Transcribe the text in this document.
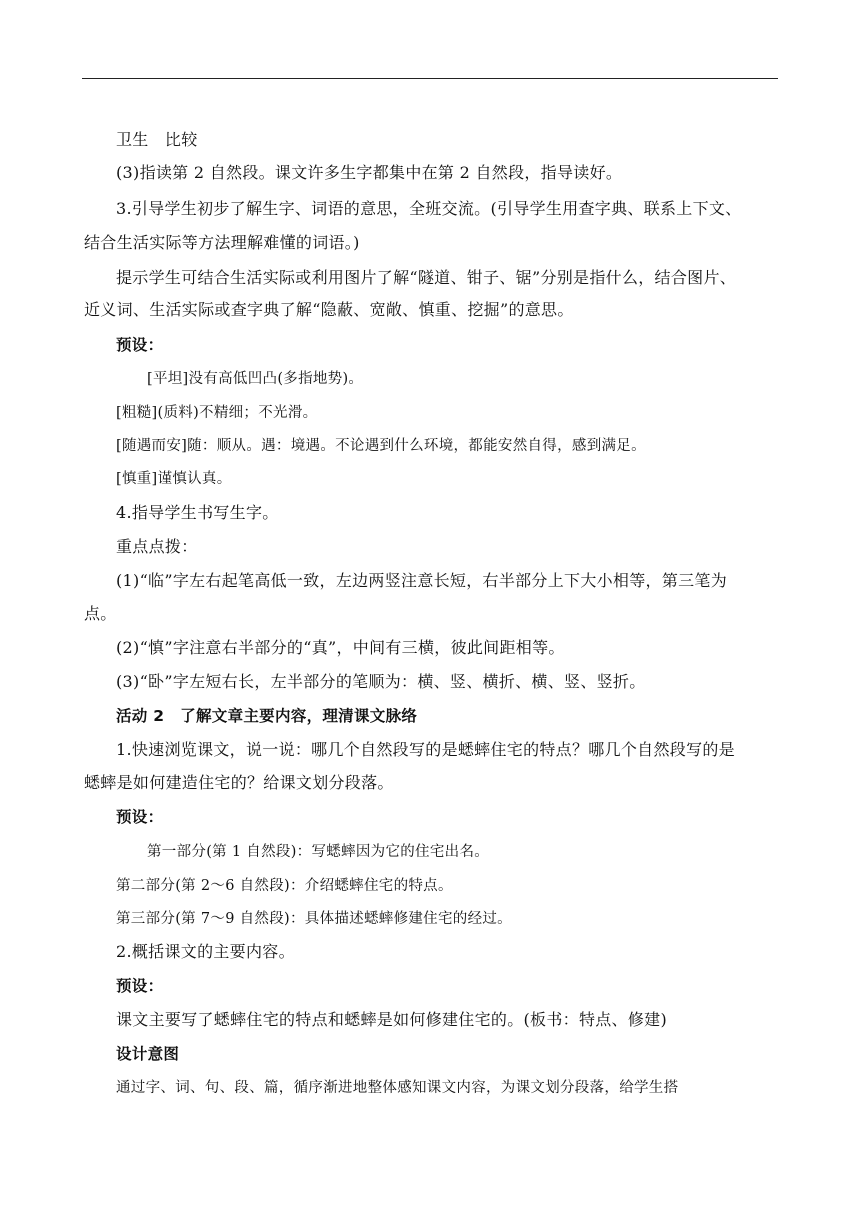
卫生　比较
(3)指读第 2 自然段。课文许多生字都集中在第 2 自然段，指导读好。
3.引导学生初步了解生字、词语的意思，全班交流。(引导学生用查字典、联系上下文、
结合生活实际等方法理解难懂的词语。)
提示学生可结合生活实际或利用图片了解“隧道、钳子、锯”分别是指什么，结合图片、
近义词、生活实际或查字典了解“隐蔽、宽敞、慎重、挖掘”的意思。
预设：
[平坦]没有高低凹凸(多指地势)。
[粗糙](质料)不精细；不光滑。
[随遇而安]随：顺从。遇：境遇。不论遇到什么环境，都能安然自得，感到满足。
[慎重]谨慎认真。
4.指导学生书写生字。
重点点拨：
(1)“临”字左右起笔高低一致，左边两竖注意长短，右半部分上下大小相等，第三笔为
点。
(2)“慎”字注意右半部分的“真”，中间有三横，彼此间距相等。
(3)“卧”字左短右长，左半部分的笔顺为：横、竖、横折、横、竖、竖折。
活动 2　了解文章主要内容，理清课文脉络
1.快速浏览课文，说一说：哪几个自然段写的是蟋蟀住宅的特点？哪几个自然段写的是
蟋蟀是如何建造住宅的？给课文划分段落。
预设：
第一部分(第 1 自然段)：写蟋蟀因为它的住宅出名。
第二部分(第 2～6 自然段)：介绍蟋蟀住宅的特点。
第三部分(第 7～9 自然段)：具体描述蟋蟀修建住宅的经过。
2.概括课文的主要内容。
预设：
课文主要写了蟋蟀住宅的特点和蟋蟀是如何修建住宅的。(板书：特点、修建)
设计意图
通过字、词、句、段、篇，循序渐进地整体感知课文内容，为课文划分段落，给学生搭
